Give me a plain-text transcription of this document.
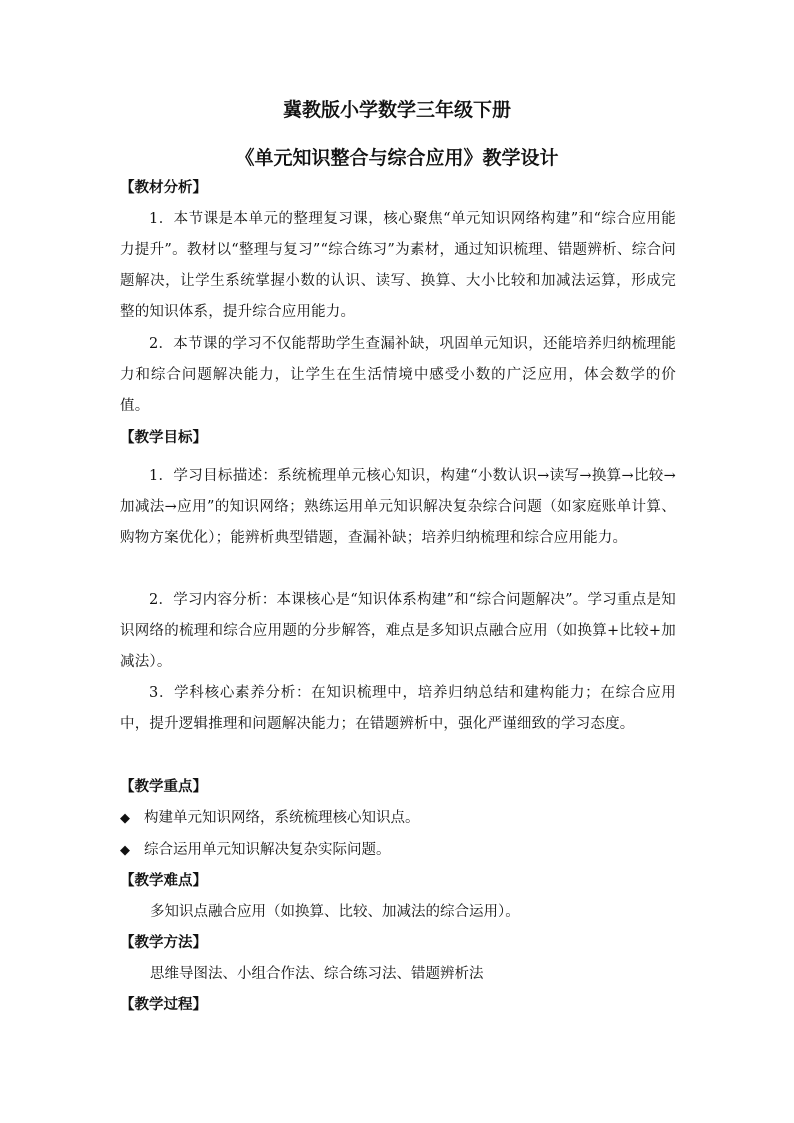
冀教版小学数学三年级下册
《单元知识整合与综合应用》教学设计
【教材分析】
1．本节课是本单元的整理复习课，核心聚焦“单元知识网络构建”和“综合应用能力提升”。教材以“整理与复习”“综合练习”为素材，通过知识梳理、错题辨析、综合问题解决，让学生系统掌握小数的认识、读写、换算、大小比较和加减法运算，形成完整的知识体系，提升综合应用能力。
2．本节课的学习不仅能帮助学生查漏补缺，巩固单元知识，还能培养归纳梳理能力和综合问题解决能力，让学生在生活情境中感受小数的广泛应用，体会数学的价值。
【教学目标】
1．学习目标描述：系统梳理单元核心知识，构建“小数认识→读写→换算→比较→加减法→应用”的知识网络；熟练运用单元知识解决复杂综合问题（如家庭账单计算、购物方案优化）；能辨析典型错题，查漏补缺；培养归纳梳理和综合应用能力。
2．学习内容分析：本课核心是“知识体系构建”和“综合问题解决”。学习重点是知识网络的梳理和综合应用题的分步解答，难点是多知识点融合应用（如换算+比较+加减法）。
3．学科核心素养分析：在知识梳理中，培养归纳总结和建构能力；在综合应用中，提升逻辑推理和问题解决能力；在错题辨析中，强化严谨细致的学习态度。
【教学重点】
◆ 构建单元知识网络，系统梳理核心知识点。
◆ 综合运用单元知识解决复杂实际问题。
【教学难点】
多知识点融合应用（如换算、比较、加减法的综合运用）。
【教学方法】
思维导图法、小组合作法、综合练习法、错题辨析法
【教学过程】
